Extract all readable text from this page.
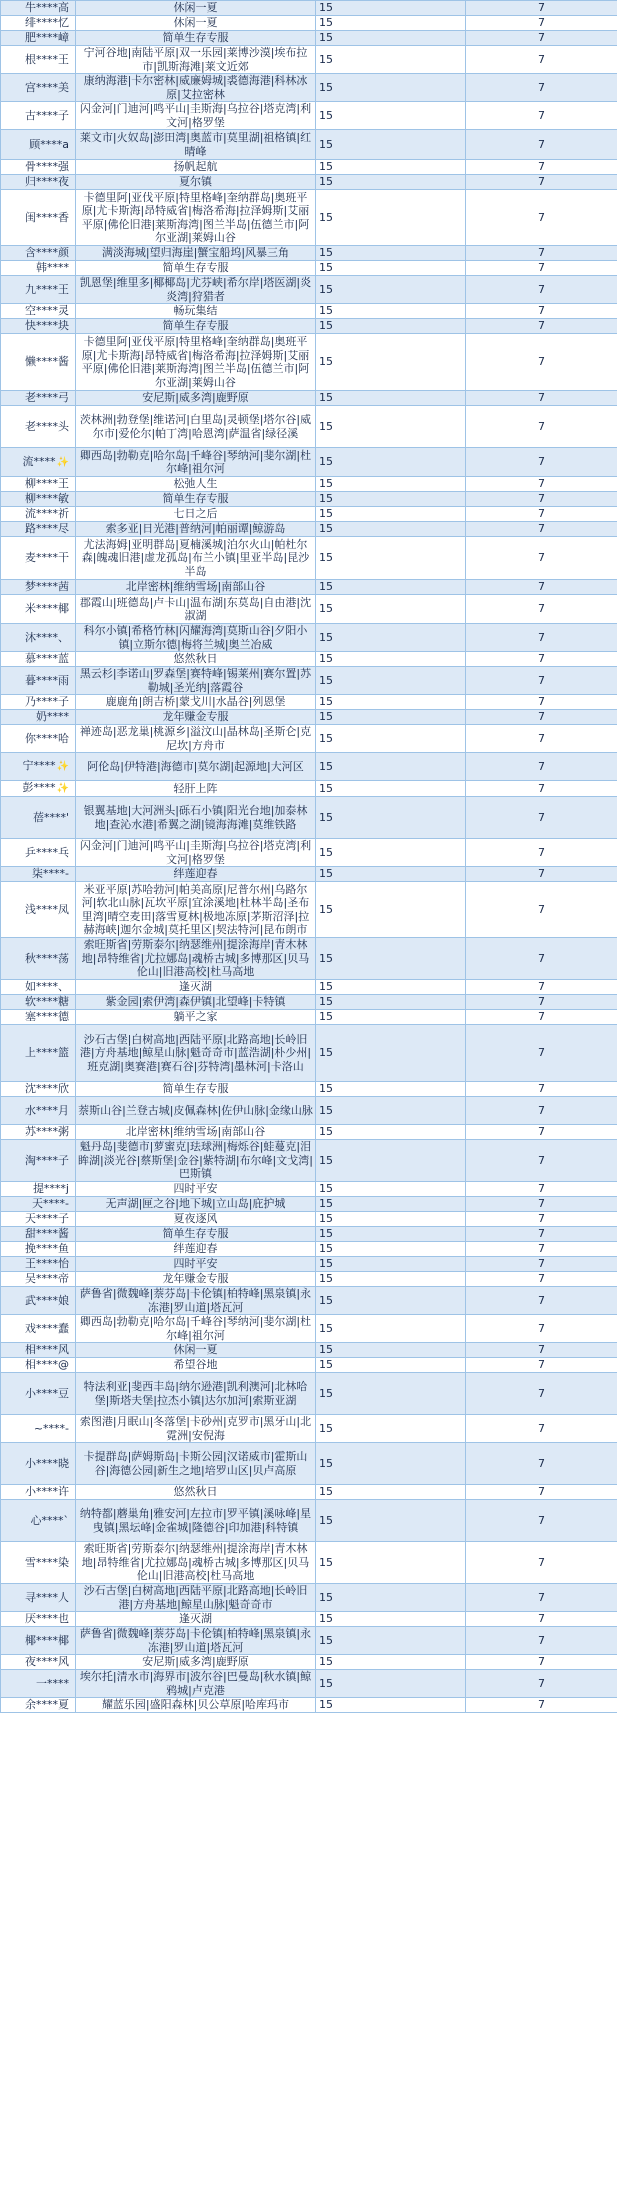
牛****高	休闲一夏	15	7
绯****忆	休闲一夏	15	7
肥****嶂	简单生存专服	15	7
根****王	宁河谷地|南陆平原|双一乐园|莱博沙漠|埃布拉市|凯斯海滩|莱文近郊	15	7
宫****美	康纳海港|卡尔密林|威廉姆城|裘德海港|科林冰原|艾拉密林	15	7
古****子	闪金河|门迪河|鸣平山|圭斯海|乌拉谷|塔克湾|利文河|格罗堡	15	7
顾****a	莱文市|火奴岛|澎田湾|奥蓝市|莫里湖|祖格镇|红晴峰	15	7
骨****强	扬帆起航	15	7
归****夜	夏尔镇	15	7
闺****香	卡德里阿|亚伐平原|特里格峰|奎纳群岛|奥班平原|尤卡斯海|昂特威省|梅洛希海|拉泽姆斯|艾丽平原|佛伦旧港|莱斯海湾|图兰半岛|伍德兰市|阿尔亚湖|莱姆山谷	15	7
含****颜	满淡海城|望归海崖|蟹宝船坞|风暴三角	15	7
韩****	简单生存专服	15	7
九****王	凯恩堡|维里多|椰椰岛|尤芬峡|希尔岸|塔医湖|炎炎湾|狩猎者	15	7
空****灵	畅玩集结	15	7
快****块	简单生存专服	15	7
懒****酱	卡德里阿|亚伐平原|特里格峰|奎纳群岛|奥班平原|尤卡斯海|昂特威省|梅洛希海|拉泽姆斯|艾丽平原|佛伦旧港|莱斯海湾|图兰半岛|伍德兰市|阿尔亚湖|莱姆山谷	15	7
老****弓	安尼斯|威多湾|鹿野原	15	7
老****头	茨林洲|勃登堡|维诺河|白里岛|灵顿堡|塔尔谷|威尔市|爱伦尔|帕丁湾|哈恩湾|萨温省|绿径溪	15	7
流****✨	卿西岛|勃勒克|哈尔岛|千峰谷|琴纳河|斐尔湖|杜尔峰|祖尔河	15	7
柳****王	松弛人生	15	7
柳****敏	简单生存专服	15	7
流****祈	七日之后	15	7
路****尽	索多亚|日光港|普纳河|帕丽谭|鲸游岛	15	7
麦****干	尤法海姆|亚明群岛|夏楠溪城|泊尔火山|帕杜尔森|魄魂旧港|虚龙孤岛|布兰小镇|里亚半岛|昆沙半岛	15	7
梦****茜	北岸密林|维纳雪场|南部山谷	15	7
米****椰	郡霞山|班德岛|卢卡山|温布湖|东莫岛|自由港|沈淑湖	15	7
沐****、	科尔小镇|希格竹林|闪耀海湾|莫斯山谷|夕阳小镇|立斯尔德|梅将兰城|奥兰冶威	15	7
慕****蓝	悠然秋日	15	7
暮****雨	黑云杉|李诺山|罗森堡|赛特峰|锡莱州|赛尔置|苏勒城|圣光纳|落霞谷	15	7
乃****子	鹿鹿角|朗吉桥|蒙戈川|水晶谷|列恩堡	15	7
奶****	龙年赚金专服	15	7
你****哈	禅迹岛|恶龙巢|桃源乡|溢汶山|晶林岛|圣斯仑|克尼坎|方舟市	15	7
宁****✨	阿伦岛|伊特港|海德市|莫尔湖|起源地|大河区	15	7
彭****✨	轻肝上阵	15	7
蓓****'	银翼基地|大河洲头|砾石小镇|阳光台地|加泰林地|查沁水港|希翼之湖|镜海海滩|莫维铁路	15	7
乒****乓	闪金河|门迪河|鸣平山|圭斯海|乌拉谷|塔克湾|利文河|格罗堡	15	7
柒****-	绊莲迎春	15	7
浅****凤	米亚平原|苏哈勃河|帕美高原|尼普尔州|乌路尔河|软北山脉|瓦坎平原|宜涂溪地|杜林半岛|圣布里湾|晴空麦田|落雪夏林|极地冻原|茅斯沼泽|拉赫海峡|迦尔金城|莫托里区|契法特河|昆布朗市	15	7
秋****荡	索旺斯省|劳斯泰尔|纳瑟维州|提涂海岸|青木林地|昂特维省|尤拉娜岛|魂桥古城|多博那区|贝马伦山|旧港高校|杜马高地	15	7
如****、	逢灭湖	15	7
软****糖	紫金园|索伊湾|森伊镇|北望峰|卡特镇	15	7
塞****德	躺平之家	15	7
上****篮	沙石古堡|白树高地|西陆平原|北路高地|长岭旧港|方舟基地|鲸星山脉|魁奇奇市|蓝浩湖|朴少州|班克湖|奥赛港|赛石谷|芬特湾|墨林河|卡洛山	15	7
沈****欣	简单生存专服	15	7
水****月	萘斯山谷|兰登古城|皮佩森林|佐伊山脉|金缘山脉	15	7
苏****粥	北岸密林|维纳雪场|南部山谷	15	7
淘****子	魁丹岛|斐德市|萝蜜克|珐球洲|梅烁谷|蛙蔓克|泪眸湖|淡光谷|蔡斯堡|金谷|紫特湖|布尔峰|文戈湾|巴斯镇	15	7
提****j	四时平安	15	7
天****-	无声湖|匣之谷|地下城|立山岛|庇护城	15	7
天****子	夏夜逐风	15	7
甜****酱	简单生存专服	15	7
挽****鱼	绊莲迎春	15	7
王****怡	四时平安	15	7
吴****帝	龙年赚金专服	15	7
武****娘	萨鲁省|微魏峰|萘芬岛|卡伦镇|柏特峰|黑泉镇|永冻港|罗山道|塔瓦河	15	7
戏****蠢	卿西岛|勃勒克|哈尔岛|千峰谷|琴纳河|斐尔湖|杜尔峰|祖尔河	15	7
相****风	休闲一夏	15	7
相****@	希望谷地	15	7
小****豆	特法利亚|斐西丰岛|纳尔逊港|凯利澳河|北林哈堡|斯塔夫堡|拉杰小镇|达尔加河|索斯亚湖	15	7
~****-	索图港|月眠山|冬落堡|卡砂州|克罗市|黑牙山|北霓洲|安倪海	15	7
小****晓	卡提群岛|萨姆斯岛|卡斯公园|汉诺威市|霍斯山谷|海德公园|新生之地|培罗山区|贝卢高原	15	7
小****许	悠然秋日	15	7
心****`	纳特都|蘑巢角|雅安河|左拉市|罗平镇|溪咏峰|星曳镇|黑坛峰|金雀城|隆德谷|印加港|科特镇	15	7
雪****染	索旺斯省|劳斯泰尔|纳瑟维州|提涂海岸|青木林地|昂特维省|尤拉娜岛|魂桥古城|多博那区|贝马伦山|旧港高校|杜马高地	15	7
寻****人	沙石古堡|白树高地|西陆平原|北路高地|长岭旧港|方舟基地|鲸星山脉|魁奇奇市	15	7
厌****也	逢灭湖	15	7
椰****椰	萨鲁省|微魏峰|萘芬岛|卡伦镇|柏特峰|黑泉镇|永冻港|罗山道|塔瓦河	15	7
夜****风	安尼斯|威多湾|鹿野原	15	7
一****	埃尔托|清水市|海界市|波尔谷|巴曼岛|秋水镇|鲸鸦城|卢克港	15	7
余****夏	耀蓝乐园|盛阳森林|贝公草原|哈库玛市	15	7
